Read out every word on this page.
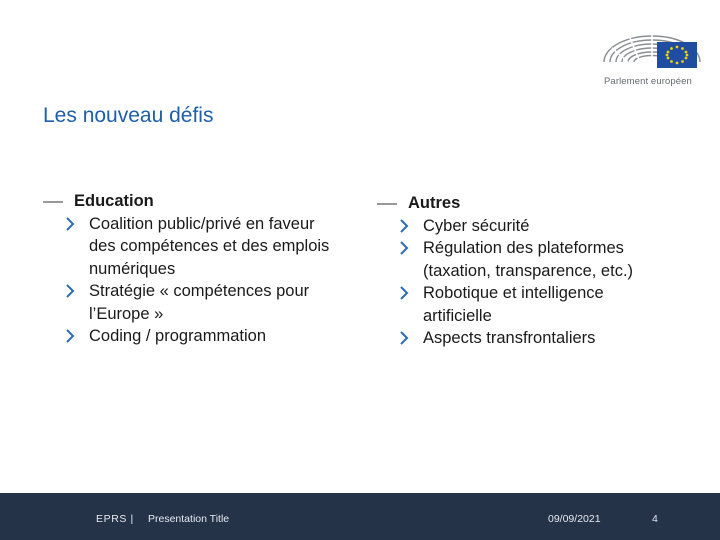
Parlement européen
Les nouveau défis
Education
Coalition public/privé en faveur des compétences et des emplois numériques
Stratégie « compétences pour l’Europe »
Coding / programmation
Autres
Cyber sécurité
Régulation des plateformes (taxation, transparence, etc.)
Robotique et intelligence artificielle
Aspects transfrontaliers
EPRS | Presentation Title	09/09/2021	4
